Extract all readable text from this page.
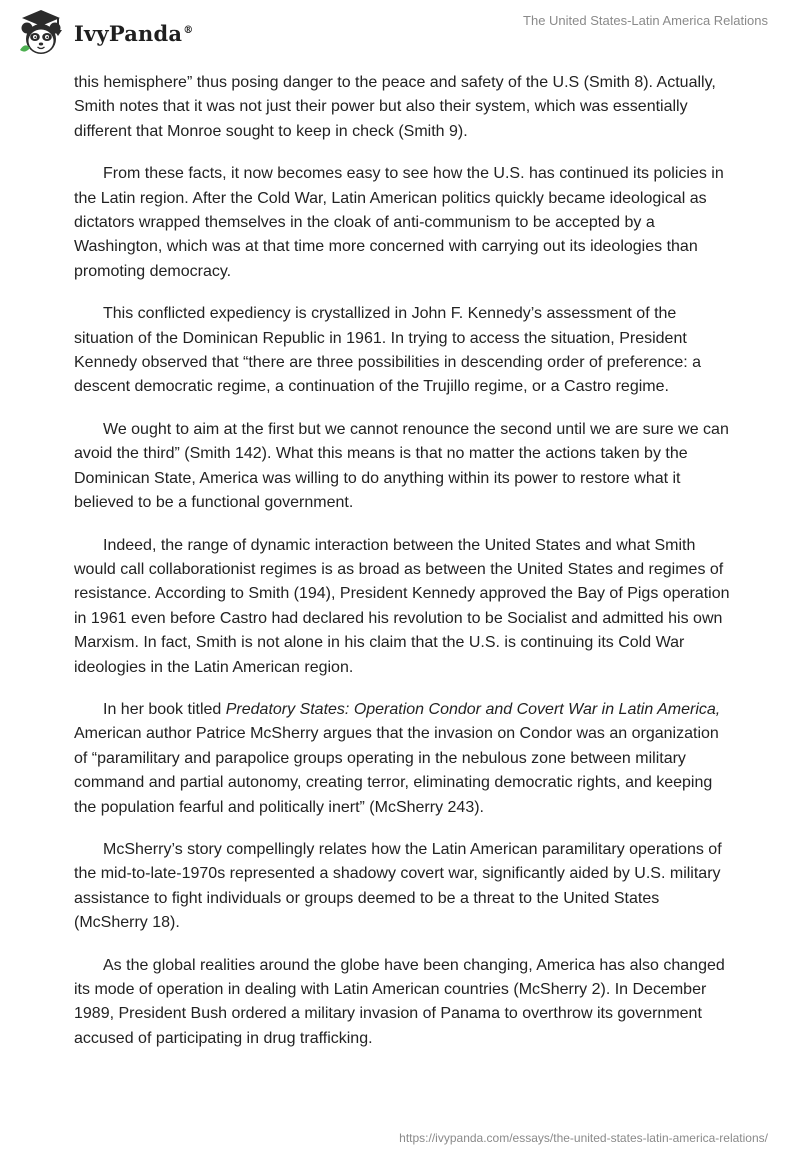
IvyPanda®
The United States-Latin America Relations

this hemisphere” thus posing danger to the peace and safety of the U.S (Smith 8). Actually, Smith notes that it was not just their power but also their system, which was essentially different that Monroe sought to keep in check (Smith 9).

From these facts, it now becomes easy to see how the U.S. has continued its policies in the Latin region. After the Cold War, Latin American politics quickly became ideological as dictators wrapped themselves in the cloak of anti-communism to be accepted by a Washington, which was at that time more concerned with carrying out its ideologies than promoting democracy.

This conflicted expediency is crystallized in John F. Kennedy’s assessment of the situation of the Dominican Republic in 1961. In trying to access the situation, President Kennedy observed that “there are three possibilities in descending order of preference: a descent democratic regime, a continuation of the Trujillo regime, or a Castro regime.

We ought to aim at the first but we cannot renounce the second until we are sure we can avoid the third” (Smith 142). What this means is that no matter the actions taken by the Dominican State, America was willing to do anything within its power to restore what it believed to be a functional government.

Indeed, the range of dynamic interaction between the United States and what Smith would call collaborationist regimes is as broad as between the United States and regimes of resistance. According to Smith (194), President Kennedy approved the Bay of Pigs operation in 1961 even before Castro had declared his revolution to be Socialist and admitted his own Marxism. In fact, Smith is not alone in his claim that the U.S. is continuing its Cold War ideologies in the Latin American region.

In her book titled Predatory States: Operation Condor and Covert War in Latin America, American author Patrice McSherry argues that the invasion on Condor was an organization of “paramilitary and parapolice groups operating in the nebulous zone between military command and partial autonomy, creating terror, eliminating democratic rights, and keeping the population fearful and politically inert” (McSherry 243).

McSherry’s story compellingly relates how the Latin American paramilitary operations of the mid-to-late-1970s represented a shadowy covert war, significantly aided by U.S. military assistance to fight individuals or groups deemed to be a threat to the United States (McSherry 18).

As the global realities around the globe have been changing, America has also changed its mode of operation in dealing with Latin American countries (McSherry 2). In December 1989, President Bush ordered a military invasion of Panama to overthrow its government accused of participating in drug trafficking.

https://ivypanda.com/essays/the-united-states-latin-america-relations/
